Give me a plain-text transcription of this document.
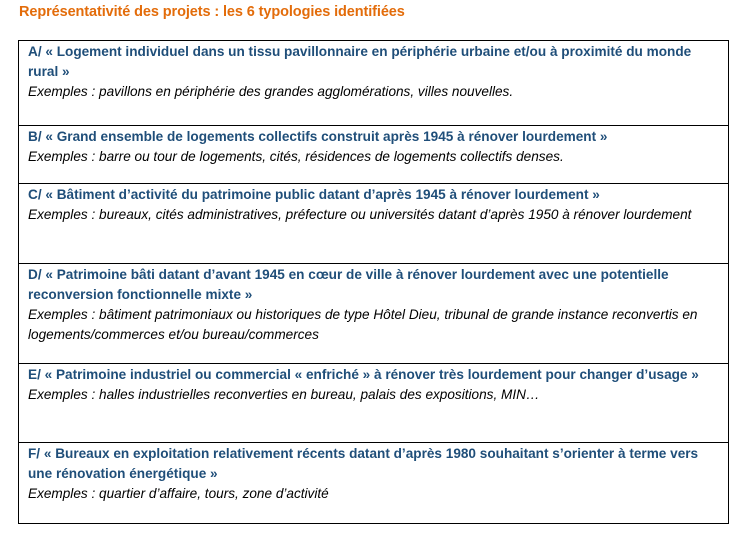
Représentativité des projets : les 6 typologies identifiées
A/ « Logement individuel dans un tissu pavillonnaire en périphérie urbaine et/ou à proximité du monde rural »
Exemples : pavillons en périphérie des grandes agglomérations, villes nouvelles.
B/ « Grand ensemble de logements collectifs construit après 1945 à rénover lourdement »
Exemples : barre ou tour de logements, cités, résidences de logements collectifs denses.
C/ « Bâtiment d’activité du patrimoine public datant d’après 1945 à rénover lourdement »
Exemples : bureaux, cités administratives, préfecture ou universités datant d’après 1950 à rénover lourdement
D/ « Patrimoine bâti datant d’avant 1945 en cœur de ville à rénover lourdement avec une potentielle reconversion fonctionnelle mixte »
Exemples : bâtiment patrimoniaux ou historiques de type Hôtel Dieu, tribunal de grande instance reconvertis en logements/commerces et/ou bureau/commerces
E/ « Patrimoine industriel ou commercial « enfriché » à rénover très lourdement pour changer d’usage »
Exemples : halles industrielles reconverties en bureau, palais des expositions, MIN…
F/ « Bureaux en exploitation relativement récents datant d’après 1980 souhaitant s’orienter à terme vers une rénovation énergétique »
Exemples : quartier d’affaire, tours, zone d’activité
